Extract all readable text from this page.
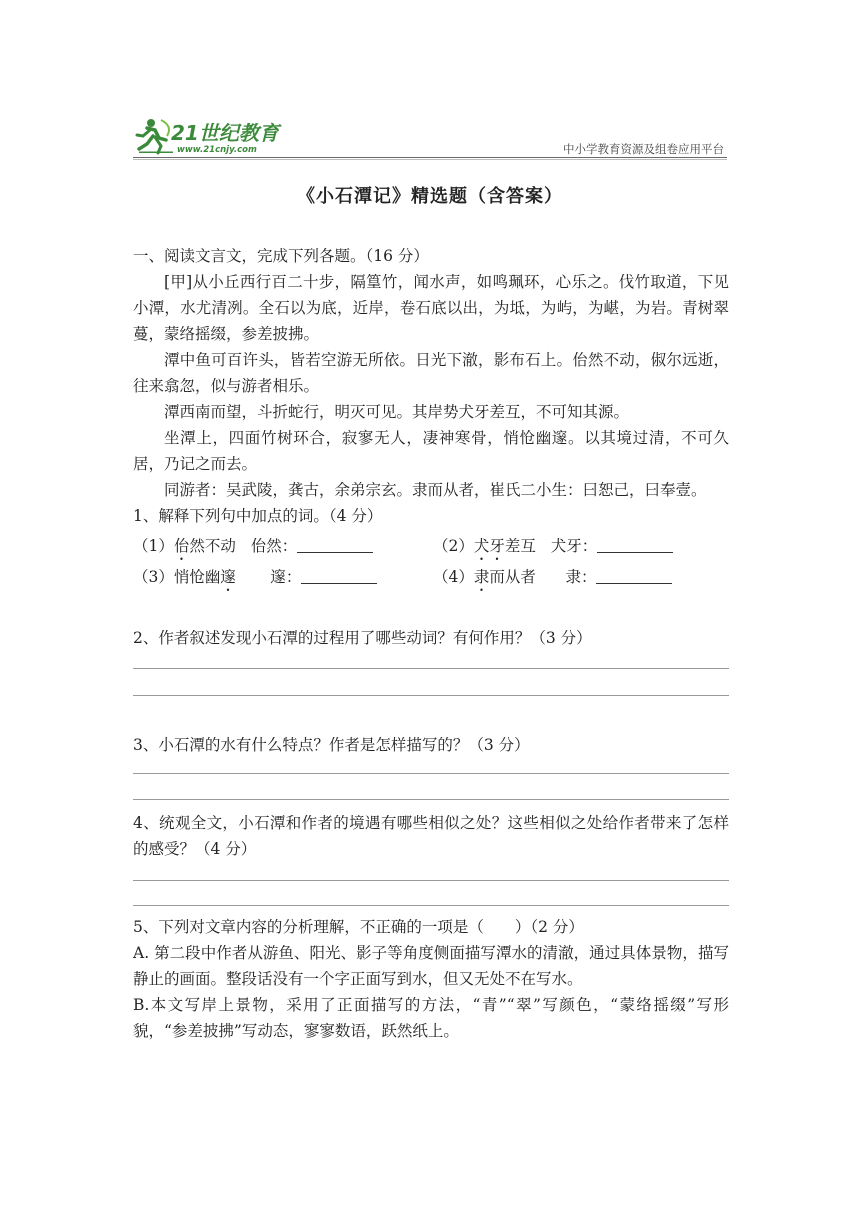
21世纪教育
www.21cnjy.com	中小学教育资源及组卷应用平台
《小石潭记》精选题（含答案）

一、阅读文言文，完成下列各题。（16 分）

[甲]从小丘西行百二十步，隔篁竹，闻水声，如鸣珮环，心乐之。伐竹取道，下见小潭，水尤清冽。全石以为底，近岸，卷石底以出，为坻，为屿，为嵁，为岩。青树翠蔓，蒙络摇缀，参差披拂。

潭中鱼可百许头，皆若空游无所依。日光下澈，影布石上。佁然不动，俶尔远逝，往来翕忽，似与游者相乐。

潭西南而望，斗折蛇行，明灭可见。其岸势犬牙差互，不可知其源。

坐潭上，四面竹树环合，寂寥无人，凄神寒骨，悄怆幽邃。以其境过清，不可久居，乃记之而去。

同游者：吴武陵，龚古，余弟宗玄。隶而从者，崔氏二小生：曰恕己，曰奉壹。

1、解释下列句中加点的词。（4 分）

（1）佁然不动 佁然：	（2）犬牙差互 犬牙：
（3）悄怆幽邃 邃：	（4）隶而从者 隶：

2、作者叙述发现小石潭的过程用了哪些动词？有何作用？（3 分）

3、小石潭的水有什么特点？作者是怎样描写的？（3 分）

4、统观全文，小石潭和作者的境遇有哪些相似之处？这些相似之处给作者带来了怎样的感受？（4 分）

5、下列对文章内容的分析理解，不正确的一项是（　　）（2 分）

A. 第二段中作者从游鱼、阳光、影子等角度侧面描写潭水的清澈，通过具体景物，描写静止的画面。整段话没有一个字正面写到水，但又无处不在写水。

B.本文写岸上景物，采用了正面描写的方法，“青”“翠”写颜色，“蒙络摇缀”写形貌，“参差披拂”写动态，寥寥数语，跃然纸上。
